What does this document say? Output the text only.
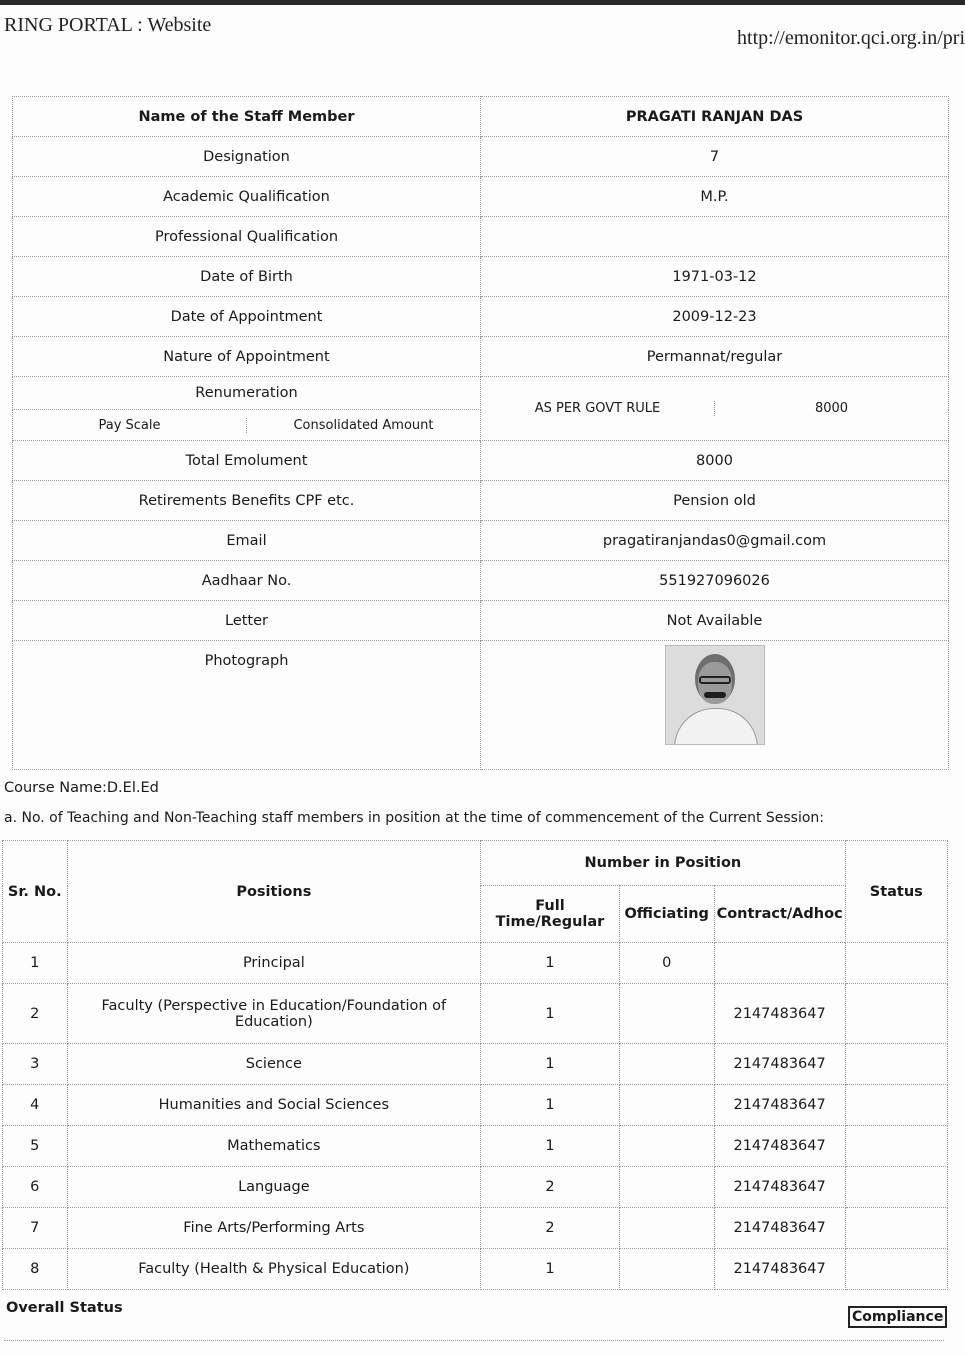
RING PORTAL : Website
http://emonitor.qci.org.in/pri
Name of the Staff Member	PRAGATI RANJAN DAS
Designation	7
Academic Qualification	M.P.
Professional Qualification	
Date of Birth	1971-03-12
Date of Appointment	2009-12-23
Nature of Appointment	Permannat/regular
Renumeration	AS PER GOVT RULE 8000

Pay Scale Consolidated Amount	

Total Emolument	8000
Retirements Benefits CPF etc.	Pension old
Email	pragatiranjandas0@gmail.com
Aadhaar No.	551927096026
Letter	Not Available
Photograph	
Course Name:D.El.Ed
a. No. of Teaching and Non-Teaching staff members in position at the time of commencement of the Current Session:
Sr. No.	Positions	Number in Position			Status
		Full Time/Regular	Officiating	Contract/Adhoc	
1	Principal	1	0		
2	Faculty (Perspective in Education/Foundation of Education)	1		2147483647	
3	Science	1		2147483647	
4	Humanities and Social Sciences	1		2147483647	
5	Mathematics	1		2147483647	
6	Language	2		2147483647	
7	Fine Arts/Performing Arts	2		2147483647	
8	Faculty (Health & Physical Education)	1		2147483647	
Overall Status
Compliance
